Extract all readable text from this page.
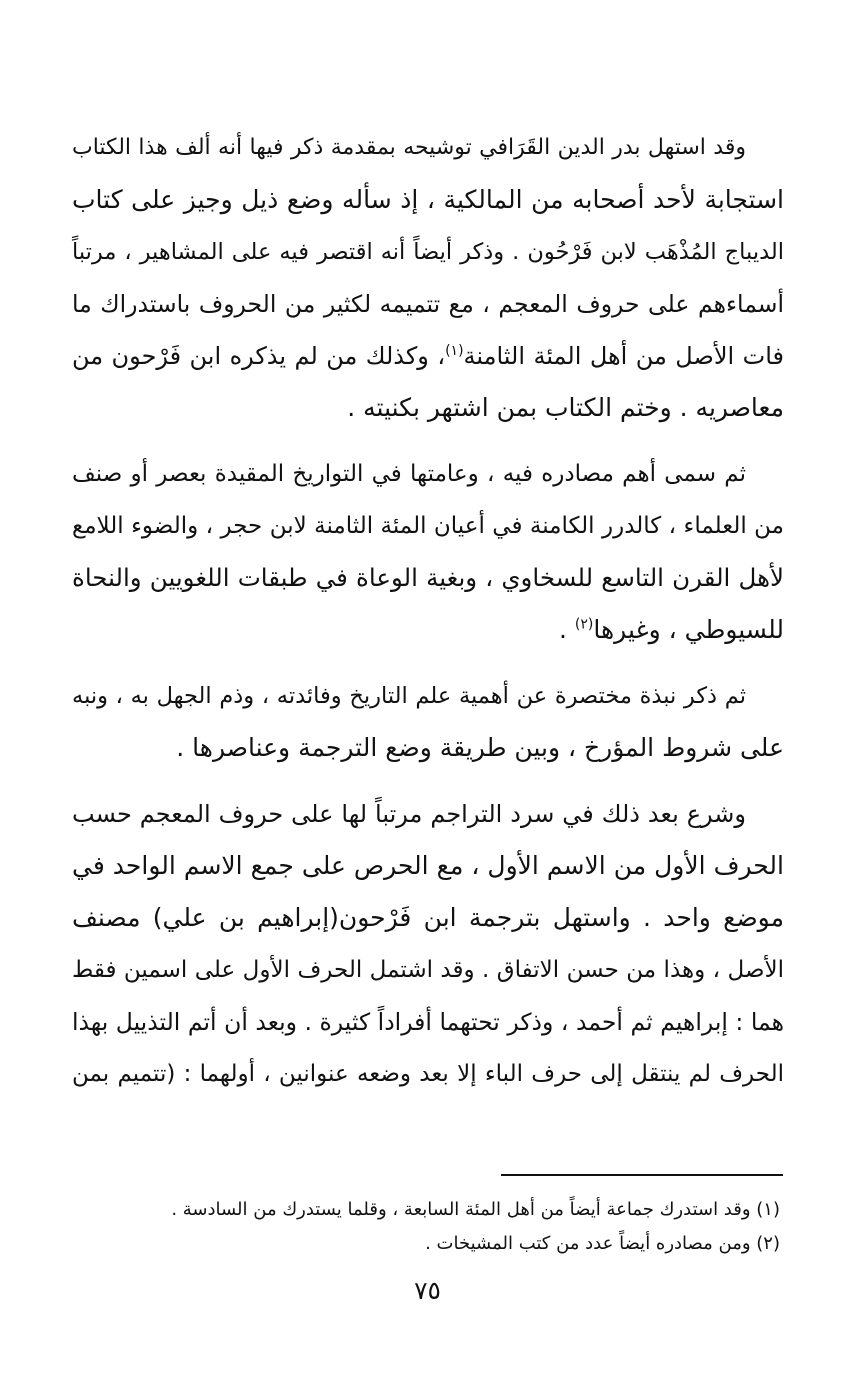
وقد استهل بدر الدين القَرَافي توشيحه بمقدمة ذكر فيها أنه ألف هذا الكتاب
استجابة لأحد أصحابه من المالكية ، إذ سأله وضع ذيل وجيز على كتاب
الديباج المُذْهَب لابن فَرْحُون . وذكر أيضاً أنه اقتصر فيه على المشاهير ، مرتباً
أسماءهم على حروف المعجم ، مع تتميمه لكثير من الحروف باستدراك ما
فات الأصل من أهل المئة الثامنة$^{(١)}$، وكذلك من لم يذكره ابن فَرْحون من
معاصريه . وختم الكتاب بمن اشتهر بكنيته .

ثم سمى أهم مصادره فيه ، وعامتها في التواريخ المقيدة بعصر أو صنف
من العلماء ، كالدرر الكامنة في أعيان المئة الثامنة لابن حجر ، والضوء اللامع
لأهل القرن التاسع للسخاوي ، وبغية الوعاة في طبقات اللغويين والنحاة
للسيوطي ، وغيرها$^{(٢)}$ .

ثم ذكر نبذة مختصرة عن أهمية علم التاريخ وفائدته ، وذم الجهل به ، ونبه
على شروط المؤرخ ، وبين طريقة وضع الترجمة وعناصرها .

وشرع بعد ذلك في سرد التراجم مرتباً لها على حروف المعجم حسب
الحرف الأول من الاسم الأول ، مع الحرص على جمع الاسم الواحد في
موضع واحد . واستهل بترجمة ابن فَرْحون(إبراهيم بن علي) مصنف
الأصل ، وهذا من حسن الاتفاق . وقد اشتمل الحرف الأول على اسمين فقط
هما : إبراهيم ثم أحمد ، وذكر تحتهما أفراداً كثيرة . وبعد أن أتم التذييل بهذا
الحرف لم ينتقل إلى حرف الباء إلا بعد وضعه عنوانين ، أولهما : (تتميم بمن

(١) وقد استدرك جماعة أيضاً من أهل المئة السابعة ، وقلما يستدرك من السادسة .
(٢) ومن مصادره أيضاً عدد من كتب المشيخات .
٧٥
